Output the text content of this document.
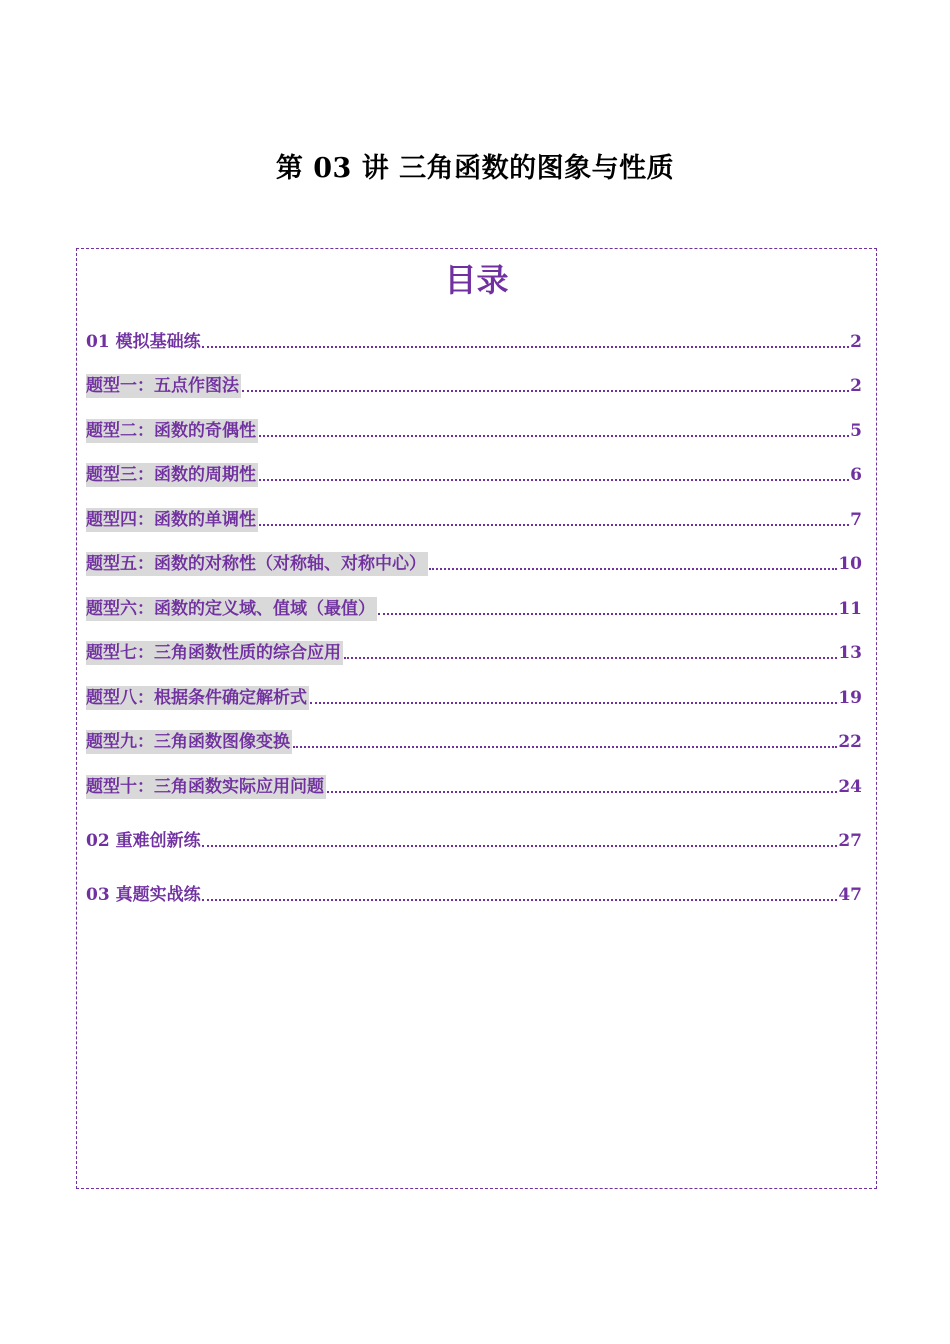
第 03 讲 三角函数的图象与性质
目录
01 模拟基础练	2
题型一：五点作图法	2
题型二：函数的奇偶性	5
题型三：函数的周期性	6
题型四：函数的单调性	7
题型五：函数的对称性（对称轴、对称中心）	10
题型六：函数的定义域、值域（最值）	11
题型七：三角函数性质的综合应用	13
题型八：根据条件确定解析式	19
题型九：三角函数图像变换	22
题型十：三角函数实际应用问题	24
02 重难创新练	27
03 真题实战练	47
